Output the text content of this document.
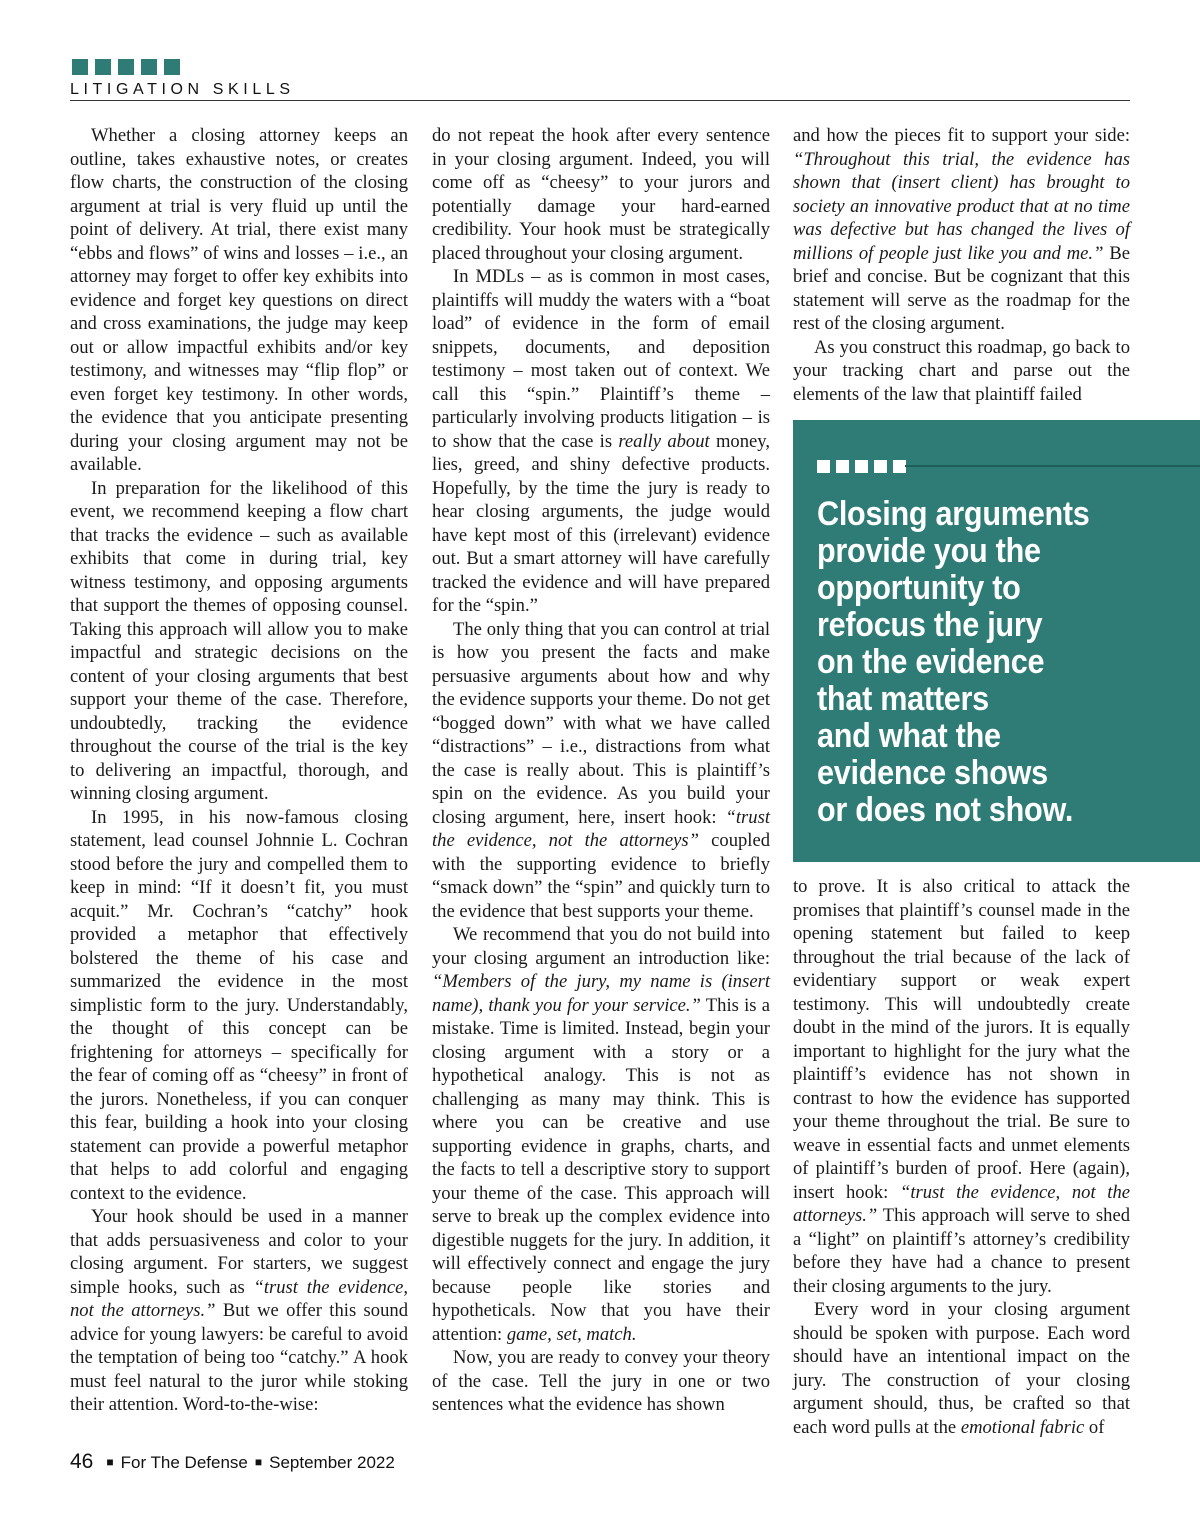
LITIGATION SKILLS

Whether a closing attorney keeps an outline, takes exhaustive notes, or creates flow charts, the construction of the closing argument at trial is very fluid up until the point of delivery. At trial, there exist many “ebbs and flows” of wins and losses – i.e., an attorney may forget to offer key exhibits into evidence and forget key questions on direct and cross examinations, the judge may keep out or allow impactful exhibits and/or key testimony, and witnesses may “flip flop” or even forget key testimony. In other words, the evidence that you anticipate presenting during your closing argument may not be available.

In preparation for the likelihood of this event, we recommend keeping a flow chart that tracks the evidence – such as available exhibits that come in during trial, key witness testimony, and opposing arguments that support the themes of opposing counsel. Taking this approach will allow you to make impactful and strategic decisions on the content of your closing arguments that best support your theme of the case. Therefore, undoubtedly, tracking the evidence throughout the course of the trial is the key to delivering an impactful, thorough, and winning closing argument.

In 1995, in his now-famous closing statement, lead counsel Johnnie L. Cochran stood before the jury and compelled them to keep in mind: “If it doesn’t fit, you must acquit.” Mr. Cochran’s “catchy” hook provided a metaphor that effectively bolstered the theme of his case and summarized the evidence in the most simplistic form to the jury. Understandably, the thought of this concept can be frightening for attorneys – specifically for the fear of coming off as “cheesy” in front of the jurors. Nonetheless, if you can conquer this fear, building a hook into your closing statement can provide a powerful metaphor that helps to add colorful and engaging context to the evidence.

Your hook should be used in a manner that adds persuasiveness and color to your closing argument. For starters, we suggest simple hooks, such as “trust the evidence, not the attorneys.” But we offer this sound advice for young lawyers: be careful to avoid the temptation of being too “catchy.” A hook must feel natural to the juror while stoking their attention. Word-to-the-wise:

do not repeat the hook after every sentence in your closing argument. Indeed, you will come off as “cheesy” to your jurors and potentially damage your hard-earned credibility. Your hook must be strategically placed throughout your closing argument.

In MDLs – as is common in most cases, plaintiffs will muddy the waters with a “boat load” of evidence in the form of email snippets, documents, and deposition testimony – most taken out of context. We call this “spin.” Plaintiff’s theme – particularly involving products litigation – is to show that the case is really about money, lies, greed, and shiny defective products. Hopefully, by the time the jury is ready to hear closing arguments, the judge would have kept most of this (irrelevant) evidence out. But a smart attorney will have carefully tracked the evidence and will have prepared for the “spin.”

The only thing that you can control at trial is how you present the facts and make persuasive arguments about how and why the evidence supports your theme. Do not get “bogged down” with what we have called “distractions” – i.e., distractions from what the case is really about. This is plaintiff’s spin on the evidence. As you build your closing argument, here, insert hook: “trust the evidence, not the attorneys” coupled with the supporting evidence to briefly “smack down” the “spin” and quickly turn to the evidence that best supports your theme.

We recommend that you do not build into your closing argument an introduction like: “Members of the jury, my name is (insert name), thank you for your service.” This is a mistake. Time is limited. Instead, begin your closing argument with a story or a hypothetical analogy. This is not as challenging as many may think. This is where you can be creative and use supporting evidence in graphs, charts, and the facts to tell a descriptive story to support your theme of the case. This approach will serve to break up the complex evidence into digestible nuggets for the jury. In addition, it will effectively connect and engage the jury because people like stories and hypotheticals. Now that you have their attention: game, set, match.

Now, you are ready to convey your theory of the case. Tell the jury in one or two sentences what the evidence has shown

and how the pieces fit to support your side: “Throughout this trial, the evidence has shown that (insert client) has brought to society an innovative product that at no time was defective but has changed the lives of millions of people just like you and me.” Be brief and concise. But be cognizant that this statement will serve as the roadmap for the rest of the closing argument.

As you construct this roadmap, go back to your tracking chart and parse out the elements of the law that plaintiff failed

Closing arguments
provide you the
opportunity to
refocus the jury
on the evidence
that matters
and what the
evidence shows
or does not show.

to prove. It is also critical to attack the promises that plaintiff’s counsel made in the opening statement but failed to keep throughout the trial because of the lack of evidentiary support or weak expert testimony. This will undoubtedly create doubt in the mind of the jurors. It is equally important to highlight for the jury what the plaintiff’s evidence has not shown in contrast to how the evidence has supported your theme throughout the trial. Be sure to weave in essential facts and unmet elements of plaintiff’s burden of proof. Here (again), insert hook: “trust the evidence, not the attorneys.” This approach will serve to shed a “light” on plaintiff’s attorney’s credibility before they have had a chance to present their closing arguments to the jury.

Every word in your closing argument should be spoken with purpose. Each word should have an intentional impact on the jury. The construction of your closing argument should, thus, be crafted so that each word pulls at the emotional fabric of

46 ■ For The Defense ■ September 2022
